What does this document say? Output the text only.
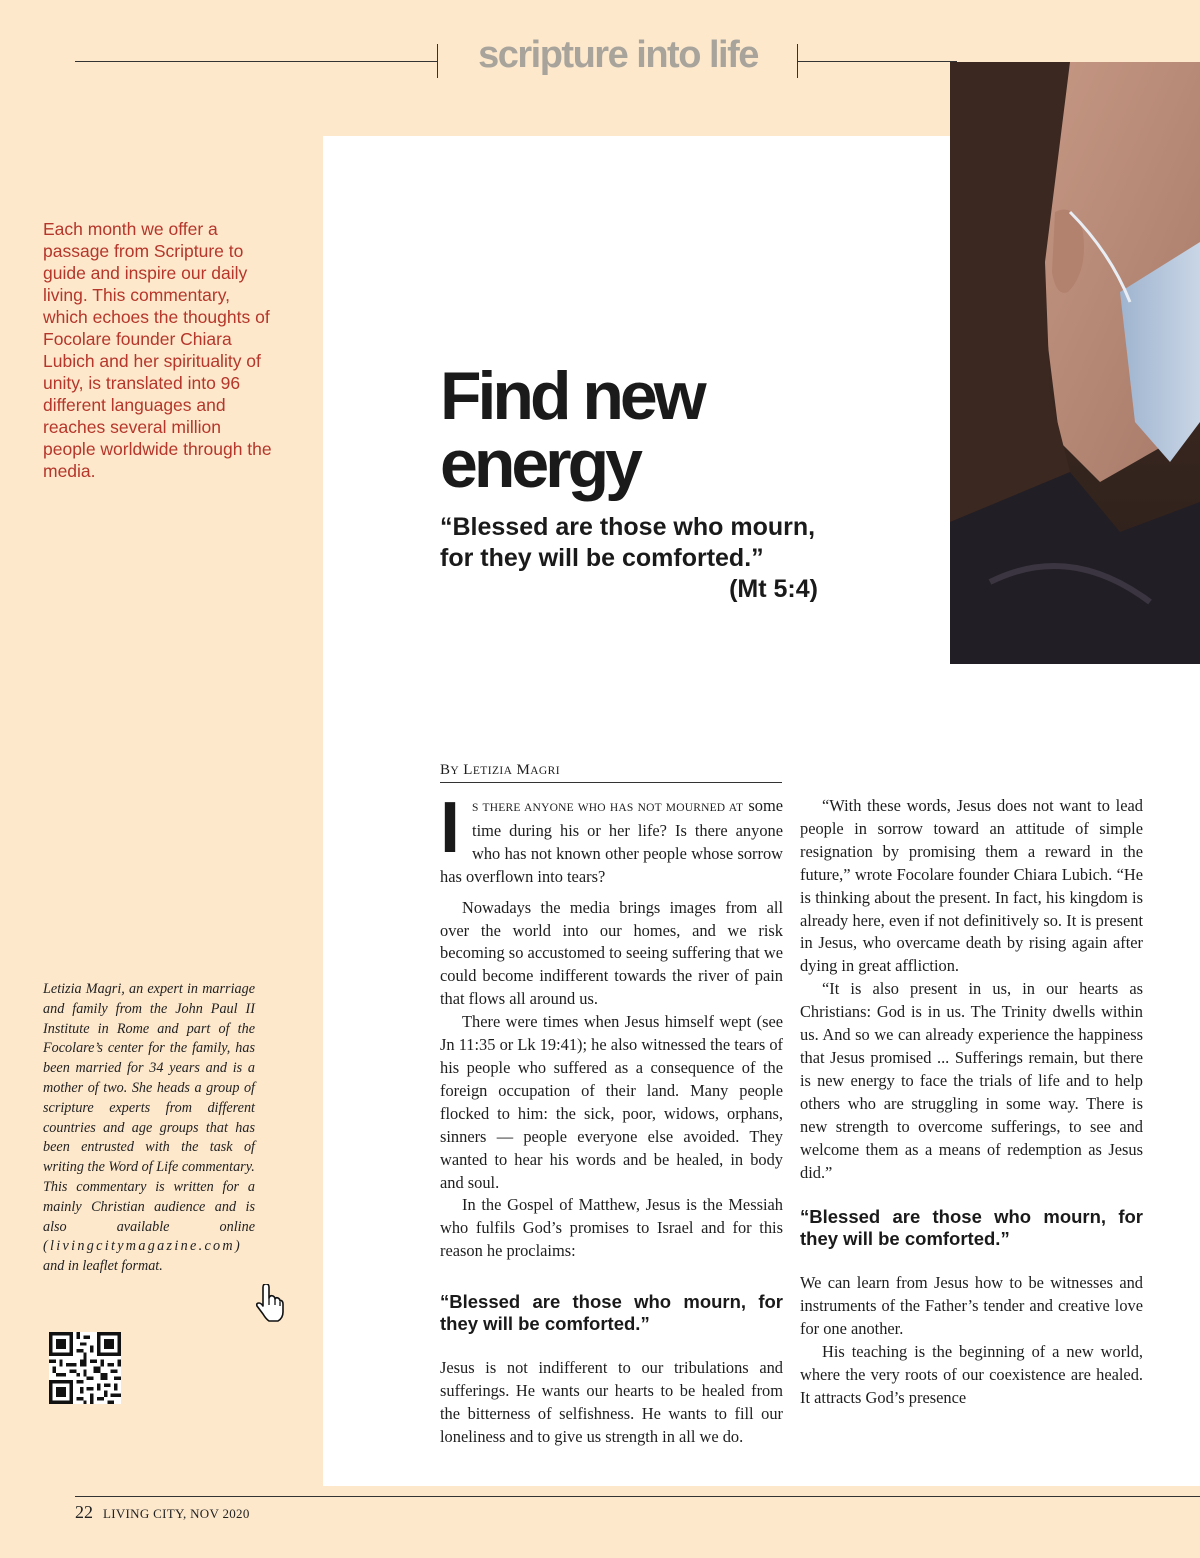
scripture into life
Each month we offer a passage from Scripture to guide and inspire our daily living. This commentary, which echoes the thoughts of Focolare founder Chiara Lubich and her spirituality of unity, is translated into 96 different languages and reaches several million people worldwide through the media.

Letizia Magri, an expert in marriage and family from the John Paul II Institute in Rome and part of the Focolare’s center for the family, has been married for 34 years and is a mother of two. She heads a group of scripture experts from different countries and age groups that has been entrusted with the task of writing the Word of Life commentary.

This commentary is written for a mainly Christian audience and is also available online (livingcitymagazine.com) and in leaflet format.

Find new
energy
“Blessed are those who mourn,
for they will be comforted.”
(Mt 5:4)
BY LETIZIA MAGRI

I S THERE ANYONE WHO HAS NOT MOURNED AT some time during his or her life? Is there anyone who has not known other people whose sorrow has overflown into tears?

Nowadays the media brings images from all over the world into our homes, and we risk becoming so accustomed to seeing suffering that we could become indifferent towards the river of pain that flows all around us.

There were times when Jesus himself wept (see Jn 11:35 or Lk 19:41); he also witnessed the tears of his people who suffered as a consequence of the foreign occupation of their land. Many people flocked to him: the sick, poor, widows, orphans, sinners — people everyone else avoided. They wanted to hear his words and be healed, in body and soul.

In the Gospel of Matthew, Jesus is the Messiah who fulfils God’s promises to Israel and for this reason he proclaims:

“Blessed are those who mourn, for they will be comforted.”

Jesus is not indifferent to our tribulations and sufferings. He wants our hearts to be healed from the bitterness of selfishness. He wants to fill our loneliness and to give us strength in all we do.

“With these words, Jesus does not want to lead people in sorrow toward an attitude of simple resignation by promising them a reward in the future,” wrote Focolare founder Chiara Lubich. “He is thinking about the present. In fact, his kingdom is already here, even if not definitively so. It is present in Jesus, who overcame death by rising again after dying in great affliction.

“It is also present in us, in our hearts as Christians: God is in us. The Trinity dwells within us. And so we can already experience the happiness that Jesus promised ... Sufferings remain, but there is new energy to face the trials of life and to help others who are struggling in some way. There is new strength to overcome sufferings, to see and welcome them as a means of redemption as Jesus did.”

“Blessed are those who mourn, for they will be comforted.”

We can learn from Jesus how to be witnesses and instruments of the Father’s tender and creative love for one another.

His teaching is the beginning of a new world, where the very roots of our coexistence are healed. It attracts God’s presence

22 LIVING CITY, NOV 2020
